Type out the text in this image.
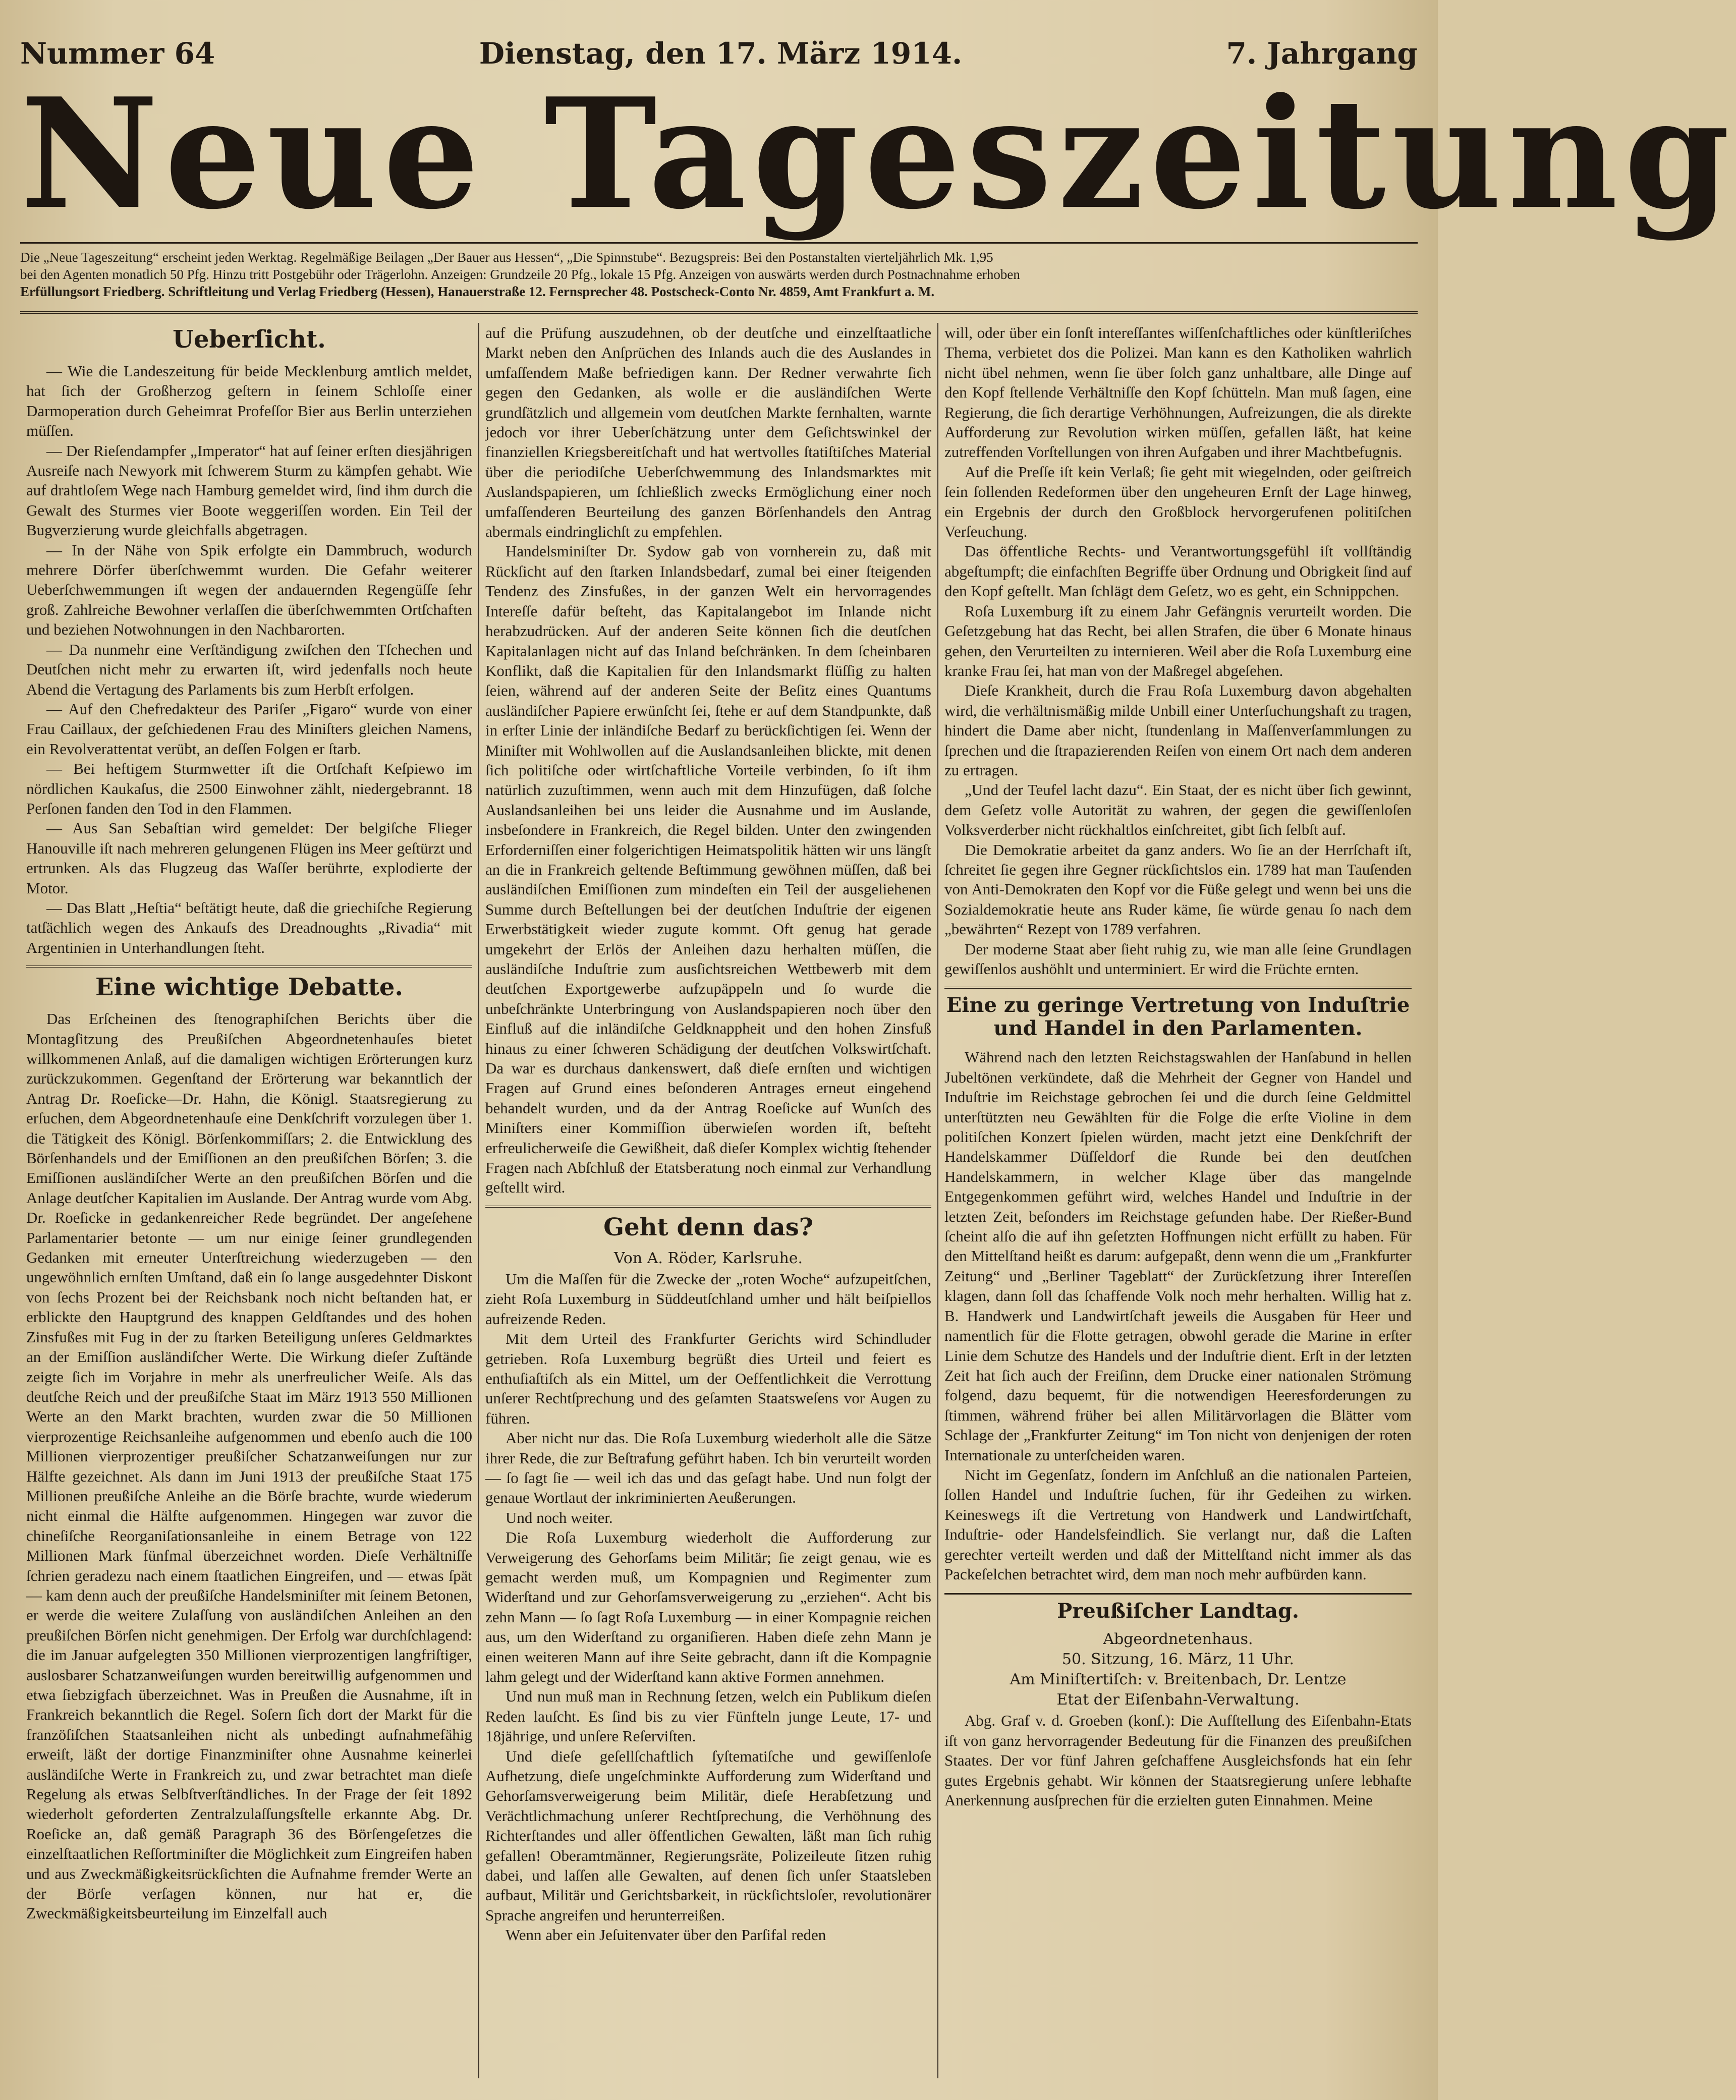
Nummer 64	Dienstag, den 17. März 1914.	7. Jahrgang
Neue Tageszeitung

Die „Neue Tageszeitung“ erscheint jeden Werktag. Regelmäßige Beilagen „Der Bauer aus Hessen“, „Die Spinnstube“. Bezugspreis: Bei den Postanstalten vierteljährlich Mk. 1,95

bei den Agenten monatlich 50 Pfg. Hinzu tritt Postgebühr oder Trägerlohn. Anzeigen: Grundzeile 20 Pfg., lokale 15 Pfg. Anzeigen von auswärts werden durch Postnachnahme erhoben

Erfüllungsort Friedberg. Schriftleitung und Verlag Friedberg (Hessen), Hanauerstraße 12. Fernsprecher 48. Postscheck-Conto Nr. 4859, Amt Frankfurt a. M.

Ueberſicht.

— Wie die Landeszeitung für beide Mecklenburg amtlich meldet, hat ſich der Großherzog geſtern in ſeinem Schloſſe einer Darmoperation durch Geheimrat Profeſſor Bier aus Berlin unterziehen müſſen.

— Der Rieſendampfer „Imperator“ hat auf ſeiner erſten diesjährigen Ausreiſe nach Newyork mit ſchwerem Sturm zu kämpfen gehabt. Wie auf drahtloſem Wege nach Hamburg gemeldet wird, ſind ihm durch die Gewalt des Sturmes vier Boote weggeriſſen worden. Ein Teil der Bugverzierung wurde gleichfalls abgetragen.

— In der Nähe von Spik erfolgte ein Dammbruch, wodurch mehrere Dörfer überſchwemmt wurden. Die Gefahr weiterer Ueberſchwemmungen iſt wegen der andauernden Regengüſſe ſehr groß. Zahlreiche Bewohner verlaſſen die überſchwemmten Ortſchaften und beziehen Notwohnungen in den Nachbarorten.

— Da nunmehr eine Verſtändigung zwiſchen den Tſchechen und Deutſchen nicht mehr zu erwarten iſt, wird jedenfalls noch heute Abend die Vertagung des Parlaments bis zum Herbſt erfolgen.

— Auf den Chefredakteur des Pariſer „Figaro“ wurde von einer Frau Caillaux, der geſchiedenen Frau des Miniſters gleichen Namens, ein Revolverattentat verübt, an deſſen Folgen er ſtarb.

— Bei heftigem Sturmwetter iſt die Ortſchaft Keſpiewo im nördlichen Kaukaſus, die 2500 Einwohner zählt, niedergebrannt. 18 Perſonen fanden den Tod in den Flammen.

— Aus San Sebaſtian wird gemeldet: Der belgiſche Flieger Hanouville iſt nach mehreren gelungenen Flügen ins Meer geſtürzt und ertrunken. Als das Flugzeug das Waſſer berührte, explodierte der Motor.

— Das Blatt „Heſtia“ beſtätigt heute, daß die griechiſche Regierung tatſächlich wegen des Ankaufs des Dreadnoughts „Rivadia“ mit Argentinien in Unterhandlungen ſteht.

Eine wichtige Debatte.

Das Erſcheinen des ſtenographiſchen Berichts über die Montagſitzung des Preußiſchen Abgeordnetenhauſes bietet willkommenen Anlaß, auf die damaligen wichtigen Erörterungen kurz zurückzukommen. Gegenſtand der Erörterung war bekanntlich der Antrag Dr. Roeſicke—Dr. Hahn, die Königl. Staatsregierung zu erſuchen, dem Abgeordnetenhauſe eine Denkſchrift vorzulegen über 1. die Tätigkeit des Königl. Börſenkommiſſars; 2. die Entwicklung des Börſenhandels und der Emiſſionen an den preußiſchen Börſen; 3. die Emiſſionen ausländiſcher Werte an den preußiſchen Börſen und die Anlage deutſcher Kapitalien im Auslande. Der Antrag wurde vom Abg. Dr. Roeſicke in gedankenreicher Rede begründet. Der angeſehene Parlamentarier betonte — um nur einige ſeiner grundlegenden Gedanken mit erneuter Unterſtreichung wiederzugeben — den ungewöhnlich ernſten Umſtand, daß ein ſo lange ausgedehnter Diskont von ſechs Prozent bei der Reichsbank noch nicht beſtanden hat, er erblickte den Hauptgrund des knappen Geldſtandes und des hohen Zinsfußes mit Fug in der zu ſtarken Beteiligung unſeres Geldmarktes an der Emiſſion ausländiſcher Werte. Die Wirkung dieſer Zuſtände zeigte ſich im Vorjahre in mehr als unerfreulicher Weiſe. Als das deutſche Reich und der preußiſche Staat im März 1913 550 Millionen Werte an den Markt brachten, wurden zwar die 50 Millionen vierprozentige Reichsanleihe aufgenommen und ebenſo auch die 100 Millionen vierprozentiger preußiſcher Schatzanweiſungen nur zur Hälfte gezeichnet. Als dann im Juni 1913 der preußiſche Staat 175 Millionen preußiſche Anleihe an die Börſe brachte, wurde wiederum nicht einmal die Hälfte aufgenommen. Hingegen war zuvor die chineſiſche Reorganiſationsanleihe in einem Betrage von 122 Millionen Mark fünfmal überzeichnet worden. Dieſe Verhältniſſe ſchrien geradezu nach einem ſtaatlichen Eingreifen, und — etwas ſpät — kam denn auch der preußiſche Handelsminiſter mit ſeinem Betonen, er werde die weitere Zulaſſung von ausländiſchen Anleihen an den preußiſchen Börſen nicht genehmigen. Der Erfolg war durchſchlagend: die im Januar aufgelegten 350 Millionen vierprozentigen langfriſtiger, auslosbarer Schatzanweiſungen wurden bereitwillig aufgenommen und etwa ſiebzigfach überzeichnet. Was in Preußen die Ausnahme, iſt in Frankreich bekanntlich die Regel. Soſern ſich dort der Markt für die franzöſiſchen Staatsanleihen nicht als unbedingt aufnahmefähig erweiſt, läßt der dortige Finanzminiſter ohne Ausnahme keinerlei ausländiſche Werte in Frankreich zu, und zwar betrachtet man dieſe Regelung als etwas Selbſtverſtändliches. In der Frage der ſeit 1892 wiederholt geforderten Zentralzulaſſungsſtelle erkannte Abg. Dr. Roeſicke an, daß gemäß Paragraph 36 des Börſengeſetzes die einzelſtaatlichen Reſſortminiſter die Möglichkeit zum Eingreifen haben und aus Zweckmäßigkeitsrückſichten die Aufnahme fremder Werte an der Börſe verſagen können, nur hat er, die Zweckmäßigkeitsbeurteilung im Einzelfall auch

auf die Prüfung auszudehnen, ob der deutſche und einzelſtaatliche Markt neben den Anſprüchen des Inlands auch die des Auslandes in umfaſſendem Maße befriedigen kann. Der Redner verwahrte ſich gegen den Gedanken, als wolle er die ausländiſchen Werte grundſätzlich und allgemein vom deutſchen Markte fernhalten, warnte jedoch vor ihrer Ueberſchätzung unter dem Geſichtswinkel der finanziellen Kriegsbereitſchaft und hat wertvolles ſtatiſtiſches Material über die periodiſche Ueberſchwemmung des Inlandsmarktes mit Auslandspapieren, um ſchließlich zwecks Ermöglichung einer noch umfaſſenderen Beurteilung des ganzen Börſenhandels den Antrag abermals eindringlichſt zu empfehlen.

Handelsminiſter Dr. Sydow gab von vornherein zu, daß mit Rückſicht auf den ſtarken Inlandsbedarf, zumal bei einer ſteigenden Tendenz des Zinsfußes, in der ganzen Welt ein hervorragendes Intereſſe dafür beſteht, das Kapitalangebot im Inlande nicht herabzudrücken. Auf der anderen Seite können ſich die deutſchen Kapitalanlagen nicht auf das Inland beſchränken. In dem ſcheinbaren Konflikt, daß die Kapitalien für den Inlandsmarkt flüſſig zu halten ſeien, während auf der anderen Seite der Beſitz eines Quantums ausländiſcher Papiere erwünſcht ſei, ſtehe er auf dem Standpunkte, daß in erſter Linie der inländiſche Bedarf zu berückſichtigen ſei. Wenn der Miniſter mit Wohlwollen auf die Auslandsanleihen blickte, mit denen ſich politiſche oder wirtſchaftliche Vorteile verbinden, ſo iſt ihm natürlich zuzuſtimmen, wenn auch mit dem Hinzufügen, daß ſolche Auslandsanleihen bei uns leider die Ausnahme und im Auslande, insbeſondere in Frankreich, die Regel bilden. Unter den zwingenden Erforderniſſen einer folgerichtigen Heimatspolitik hätten wir uns längſt an die in Frankreich geltende Beſtimmung gewöhnen müſſen, daß bei ausländiſchen Emiſſionen zum mindeſten ein Teil der ausgeliehenen Summe durch Beſtellungen bei der deutſchen Induſtrie der eigenen Erwerbstätigkeit wieder zugute kommt. Oft genug hat gerade umgekehrt der Erlös der Anleihen dazu herhalten müſſen, die ausländiſche Induſtrie zum ausſichtsreichen Wettbewerb mit dem deutſchen Exportgewerbe aufzupäppeln und ſo wurde die unbeſchränkte Unterbringung von Auslandspapieren noch über den Einfluß auf die inländiſche Geldknappheit und den hohen Zinsfuß hinaus zu einer ſchweren Schädigung der deutſchen Volkswirtſchaft. Da war es durchaus dankenswert, daß dieſe ernſten und wichtigen Fragen auf Grund eines beſonderen Antrages erneut eingehend behandelt wurden, und da der Antrag Roeſicke auf Wunſch des Miniſters einer Kommiſſion überwieſen worden iſt, beſteht erfreulicherweiſe die Gewißheit, daß dieſer Komplex wichtig ſtehender Fragen nach Abſchluß der Etatsberatung noch einmal zur Verhandlung geſtellt wird.

Geht denn das?
Von A. Röder, Karlsruhe.

Um die Maſſen für die Zwecke der „roten Woche“ aufzupeitſchen, zieht Roſa Luxemburg in Süddeutſchland umher und hält beiſpiellos aufreizende Reden.

Mit dem Urteil des Frankfurter Gerichts wird Schindluder getrieben. Roſa Luxemburg begrüßt dies Urteil und feiert es enthuſiaſtiſch als ein Mittel, um der Oeffentlichkeit die Verrottung unſerer Rechtſprechung und des geſamten Staatsweſens vor Augen zu führen.

Aber nicht nur das. Die Roſa Luxemburg wiederholt alle die Sätze ihrer Rede, die zur Beſtrafung geführt haben. Ich bin verurteilt worden — ſo ſagt ſie — weil ich das und das geſagt habe. Und nun folgt der genaue Wortlaut der inkriminierten Aeußerungen.

Und noch weiter.

Die Roſa Luxemburg wiederholt die Aufforderung zur Verweigerung des Gehorſams beim Militär; ſie zeigt genau, wie es gemacht werden muß, um Kompagnien und Regimenter zum Widerſtand und zur Gehorſamsverweigerung zu „erziehen“. Acht bis zehn Mann — ſo ſagt Roſa Luxemburg — in einer Kompagnie reichen aus, um den Widerſtand zu organiſieren. Haben dieſe zehn Mann je einen weiteren Mann auf ihre Seite gebracht, dann iſt die Kompagnie lahm gelegt und der Widerſtand kann aktive Formen annehmen.

Und nun muß man in Rechnung ſetzen, welch ein Publikum dieſen Reden lauſcht. Es ſind bis zu vier Fünfteln junge Leute, 17- und 18jährige, und unſere Reſerviſten.

Und dieſe geſellſchaftlich ſyſtematiſche und gewiſſenloſe Aufhetzung, dieſe ungeſchminkte Aufforderung zum Widerſtand und Gehorſamsverweigerung beim Militär, dieſe Herabſetzung und Verächtlichmachung unſerer Rechtſprechung, die Verhöhnung des Richterſtandes und aller öffentlichen Gewalten, läßt man ſich ruhig gefallen! Oberamtmänner, Regierungsräte, Polizeileute ſitzen ruhig dabei, und laſſen alle Gewalten, auf denen ſich unſer Staatsleben aufbaut, Militär und Gerichtsbarkeit, in rückſichtsloſer, revolutionärer Sprache angreifen und herunterreißen.

Wenn aber ein Jeſuitenvater über den Parſifal reden

will, oder über ein ſonſt intereſſantes wiſſenſchaftliches oder künſtleriſches Thema, verbietet dos die Polizei. Man kann es den Katholiken wahrlich nicht übel nehmen, wenn ſie über ſolch ganz unhaltbare, alle Dinge auf den Kopf ſtellende Verhältniſſe den Kopf ſchütteln. Man muß ſagen, eine Regierung, die ſich derartige Verhöhnungen, Aufreizungen, die als direkte Aufforderung zur Revolution wirken müſſen, gefallen läßt, hat keine zutreffenden Vorſtellungen von ihren Aufgaben und ihrer Machtbefugnis.

Auf die Preſſe iſt kein Verlaß; ſie geht mit wiegelnden, oder geiſtreich ſein ſollenden Redeformen über den ungeheuren Ernſt der Lage hinweg, ein Ergebnis der durch den Großblock hervorgerufenen politiſchen Verſeuchung.

Das öffentliche Rechts- und Verantwortungsgefühl iſt vollſtändig abgeſtumpft; die einfachſten Begriffe über Ordnung und Obrigkeit ſind auf den Kopf geſtellt. Man ſchlägt dem Geſetz, wo es geht, ein Schnippchen.

Roſa Luxemburg iſt zu einem Jahr Gefängnis verurteilt worden. Die Geſetzgebung hat das Recht, bei allen Strafen, die über 6 Monate hinaus gehen, den Verurteilten zu internieren. Weil aber die Roſa Luxemburg eine kranke Frau ſei, hat man von der Maßregel abgeſehen.

Dieſe Krankheit, durch die Frau Roſa Luxemburg davon abgehalten wird, die verhältnismäßig milde Unbill einer Unterſuchungshaft zu tragen, hindert die Dame aber nicht, ſtundenlang in Maſſenverſammlungen zu ſprechen und die ſtrapazierenden Reiſen von einem Ort nach dem anderen zu ertragen.

„Und der Teufel lacht dazu“. Ein Staat, der es nicht über ſich gewinnt, dem Geſetz volle Autorität zu wahren, der gegen die gewiſſenloſen Volksverderber nicht rückhaltlos einſchreitet, gibt ſich ſelbſt auf.

Die Demokratie arbeitet da ganz anders. Wo ſie an der Herrſchaft iſt, ſchreitet ſie gegen ihre Gegner rückſichtslos ein. 1789 hat man Tauſenden von Anti-Demokraten den Kopf vor die Füße gelegt und wenn bei uns die Sozialdemokratie heute ans Ruder käme, ſie würde genau ſo nach dem „bewährten“ Rezept von 1789 verfahren.

Der moderne Staat aber ſieht ruhig zu, wie man alle ſeine Grundlagen gewiſſenlos aushöhlt und unterminiert. Er wird die Früchte ernten.

Eine zu geringe Vertretung von Induſtrie und Handel in den Parlamenten.

Während nach den letzten Reichstagswahlen der Hanſabund in hellen Jubeltönen verkündete, daß die Mehrheit der Gegner von Handel und Induſtrie im Reichstage gebrochen ſei und die durch ſeine Geldmittel unterſtützten neu Gewählten für die Folge die erſte Violine in dem politiſchen Konzert ſpielen würden, macht jetzt eine Denkſchrift der Handelskammer Düſſeldorf die Runde bei den deutſchen Handelskammern, in welcher Klage über das mangelnde Entgegenkommen geführt wird, welches Handel und Induſtrie in der letzten Zeit, beſonders im Reichstage gefunden habe. Der Rießer-Bund ſcheint alſo die auf ihn geſetzten Hoffnungen nicht erfüllt zu haben. Für den Mittelſtand heißt es darum: aufgepaßt, denn wenn die um „Frankfurter Zeitung“ und „Berliner Tageblatt“ der Zurückſetzung ihrer Intereſſen klagen, dann ſoll das ſchaffende Volk noch mehr herhalten. Willig hat z. B. Handwerk und Landwirtſchaft jeweils die Ausgaben für Heer und namentlich für die Flotte getragen, obwohl gerade die Marine in erſter Linie dem Schutze des Handels und der Induſtrie dient. Erſt in der letzten Zeit hat ſich auch der Freiſinn, dem Drucke einer nationalen Strömung folgend, dazu bequemt, für die notwendigen Heeresforderungen zu ſtimmen, während früher bei allen Militärvorlagen die Blätter vom Schlage der „Frankfurter Zeitung“ im Ton nicht von denjenigen der roten Internationale zu unterſcheiden waren.

Nicht im Gegenſatz, ſondern im Anſchluß an die nationalen Parteien, ſollen Handel und Induſtrie ſuchen, für ihr Gedeihen zu wirken. Keineswegs iſt die Vertretung von Handwerk und Landwirtſchaft, Induſtrie- oder Handelsfeindlich. Sie verlangt nur, daß die Laſten gerechter verteilt werden und daß der Mittelſtand nicht immer als das Packeſelchen betrachtet wird, dem man noch mehr aufbürden kann.

Preußiſcher Landtag.
Abgeordnetenhaus.
50. Sitzung, 16. März, 11 Uhr.
Am Miniſtertiſch: v. Breitenbach, Dr. Lentze
Etat der Eiſenbahn-Verwaltung.

Abg. Graf v. d. Groeben (konſ.): Die Aufſtellung des Eiſenbahn-Etats iſt von ganz hervorragender Bedeutung für die Finanzen des preußiſchen Staates. Der vor fünf Jahren geſchaffene Ausgleichsfonds hat ein ſehr gutes Ergebnis gehabt. Wir können der Staatsregierung unſere lebhafte Anerkennung ausſprechen für die erzielten guten Einnahmen. Meine
